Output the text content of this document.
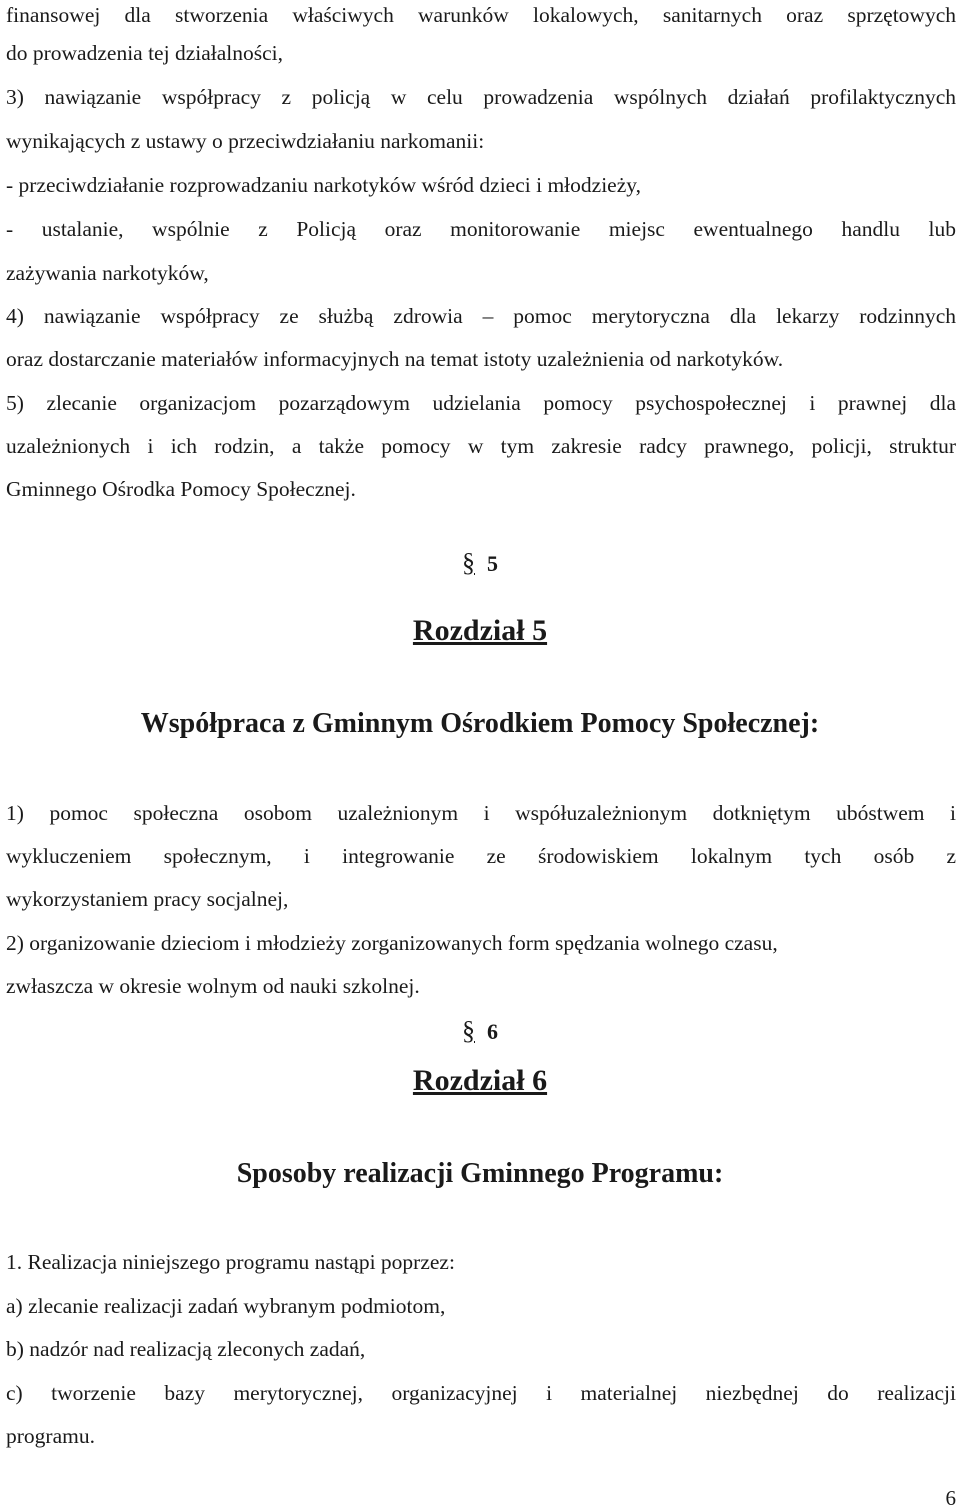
finansowej dla stworzenia właściwych warunków lokalowych, sanitarnych oraz sprzętowych
do prowadzenia tej działalności,
3) nawiązanie współpracy z policją w celu prowadzenia wspólnych działań profilaktycznych
wynikających z ustawy o przeciwdziałaniu narkomanii:
- przeciwdziałanie rozprowadzaniu narkotyków wśród dzieci i młodzieży,
- ustalanie, wspólnie z Policją oraz monitorowanie miejsc ewentualnego handlu lub
zażywania narkotyków,
4) nawiązanie współpracy ze służbą zdrowia – pomoc merytoryczna dla lekarzy rodzinnych
oraz dostarczanie materiałów informacyjnych na temat istoty uzależnienia od narkotyków.
5) zlecanie organizacjom pozarządowym udzielania pomocy psychospołecznej i prawnej dla
uzależnionych i ich rodzin, a także pomocy w tym zakresie radcy prawnego, policji, struktur
Gminnego Ośrodka Pomocy Społecznej.
§ 5
Rozdział 5
Współpraca z Gminnym Ośrodkiem Pomocy Społecznej:
1) pomoc społeczna osobom uzależnionym i współuzależnionym dotkniętym ubóstwem i
wykluczeniem społecznym, i integrowanie ze środowiskiem lokalnym tych osób z
wykorzystaniem pracy socjalnej,
2) organizowanie dzieciom i młodzieży zorganizowanych form spędzania wolnego czasu,
zwłaszcza w okresie wolnym od nauki szkolnej.
§ 6
Rozdział 6
Sposoby realizacji Gminnego Programu:
1. Realizacja niniejszego programu nastąpi poprzez:
a) zlecanie realizacji zadań wybranym podmiotom,
b) nadzór nad realizacją zleconych zadań,
c) tworzenie bazy merytorycznej, organizacyjnej i materialnej niezbędnej do realizacji
programu.
6
